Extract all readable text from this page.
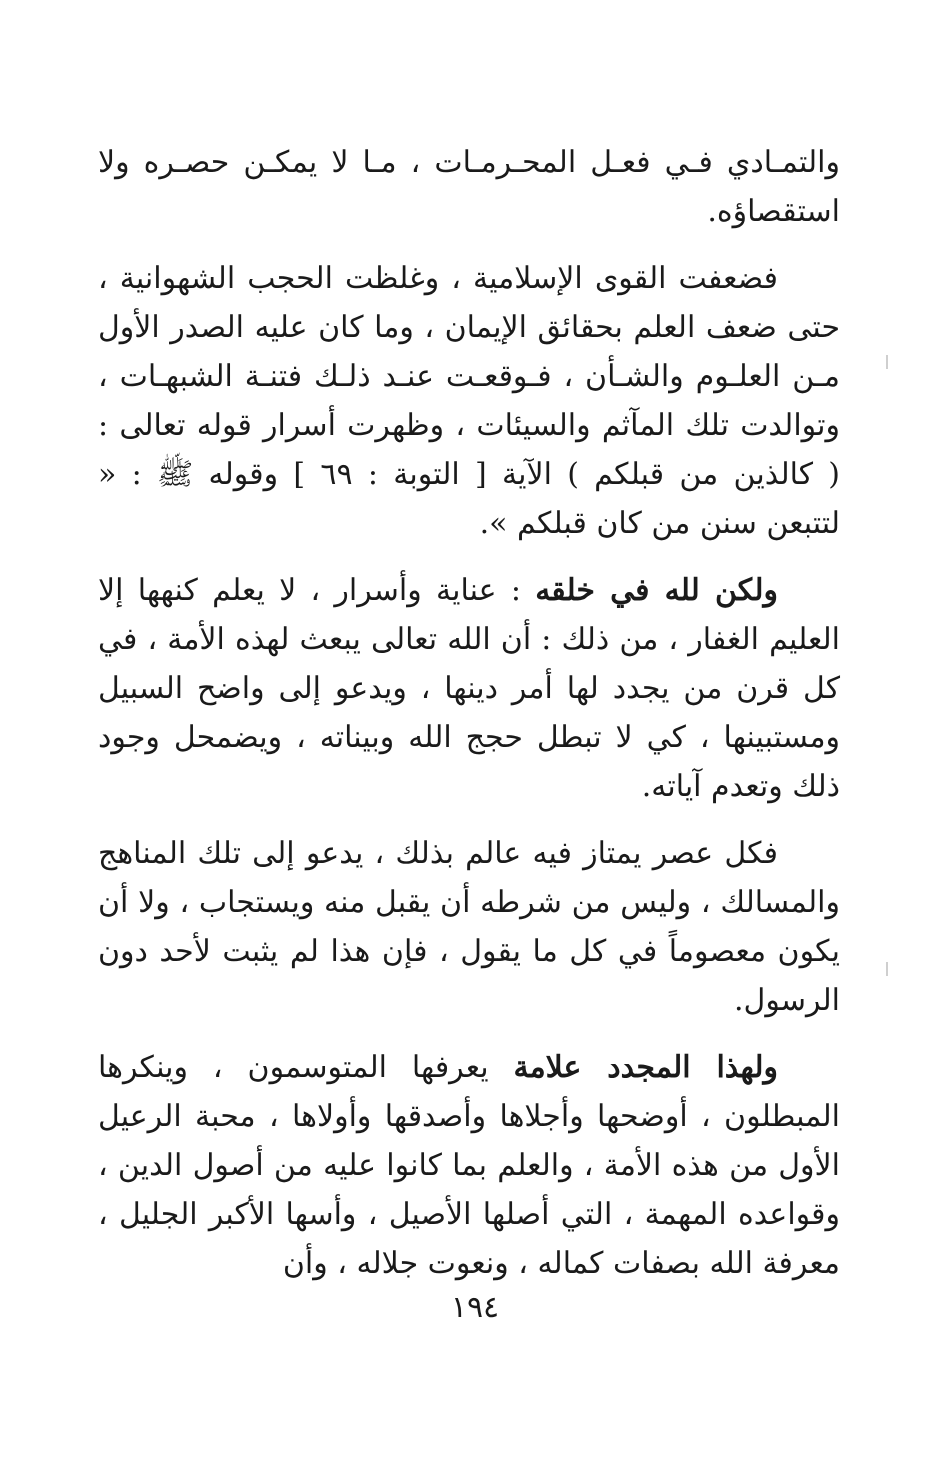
والتمـادي فـي فعـل المحـرمـات ، مـا لا يمكـن حصـره ولا استقصاؤه.

فضعفت القوى الإسلامية ، وغلظت الحجب الشهوانية ، حتى ضعف العلم بحقائق الإيمان ، وما كان عليه الصدر الأول مـن العلـوم والشـأن ، فـوقعـت عنـد ذلـك فتنـة الشبهـات ، وتوالدت تلك المآثم والسيئات ، وظهرت أسرار قوله تعالى : ( كالذين من قبلكم ) الآية [ التوبة : ٦٩ ] وقوله ﷺ : « لتتبعن سنن من كان قبلكم ».

ولكن لله في خلقه : عناية وأسرار ، لا يعلم كنهها إلا العليم الغفار ، من ذلك : أن الله تعالى يبعث لهذه الأمة ، في كل قرن من يجدد لها أمر دينها ، ويدعو إلى واضح السبيل ومستبينها ، كي لا تبطل حجج الله وبيناته ، ويضمحل وجود ذلك وتعدم آياته.

فكل عصر يمتاز فيه عالم بذلك ، يدعو إلى تلك المناهج والمسالك ، وليس من شرطه أن يقبل منه ويستجاب ، ولا أن يكون معصوماً في كل ما يقول ، فإن هذا لم يثبت لأحد دون الرسول.

ولهذا المجدد علامة يعرفها المتوسمون ، وينكرها المبطلون ، أوضحها وأجلاها وأصدقها وأولاها ، محبة الرعيل الأول من هذه الأمة ، والعلم بما كانوا عليه من أصول الدين ، وقواعده المهمة ، التي أصلها الأصيل ، وأسها الأكبر الجليل ، معرفة الله بصفات كماله ، ونعوت جلاله ، وأن

١٩٤
